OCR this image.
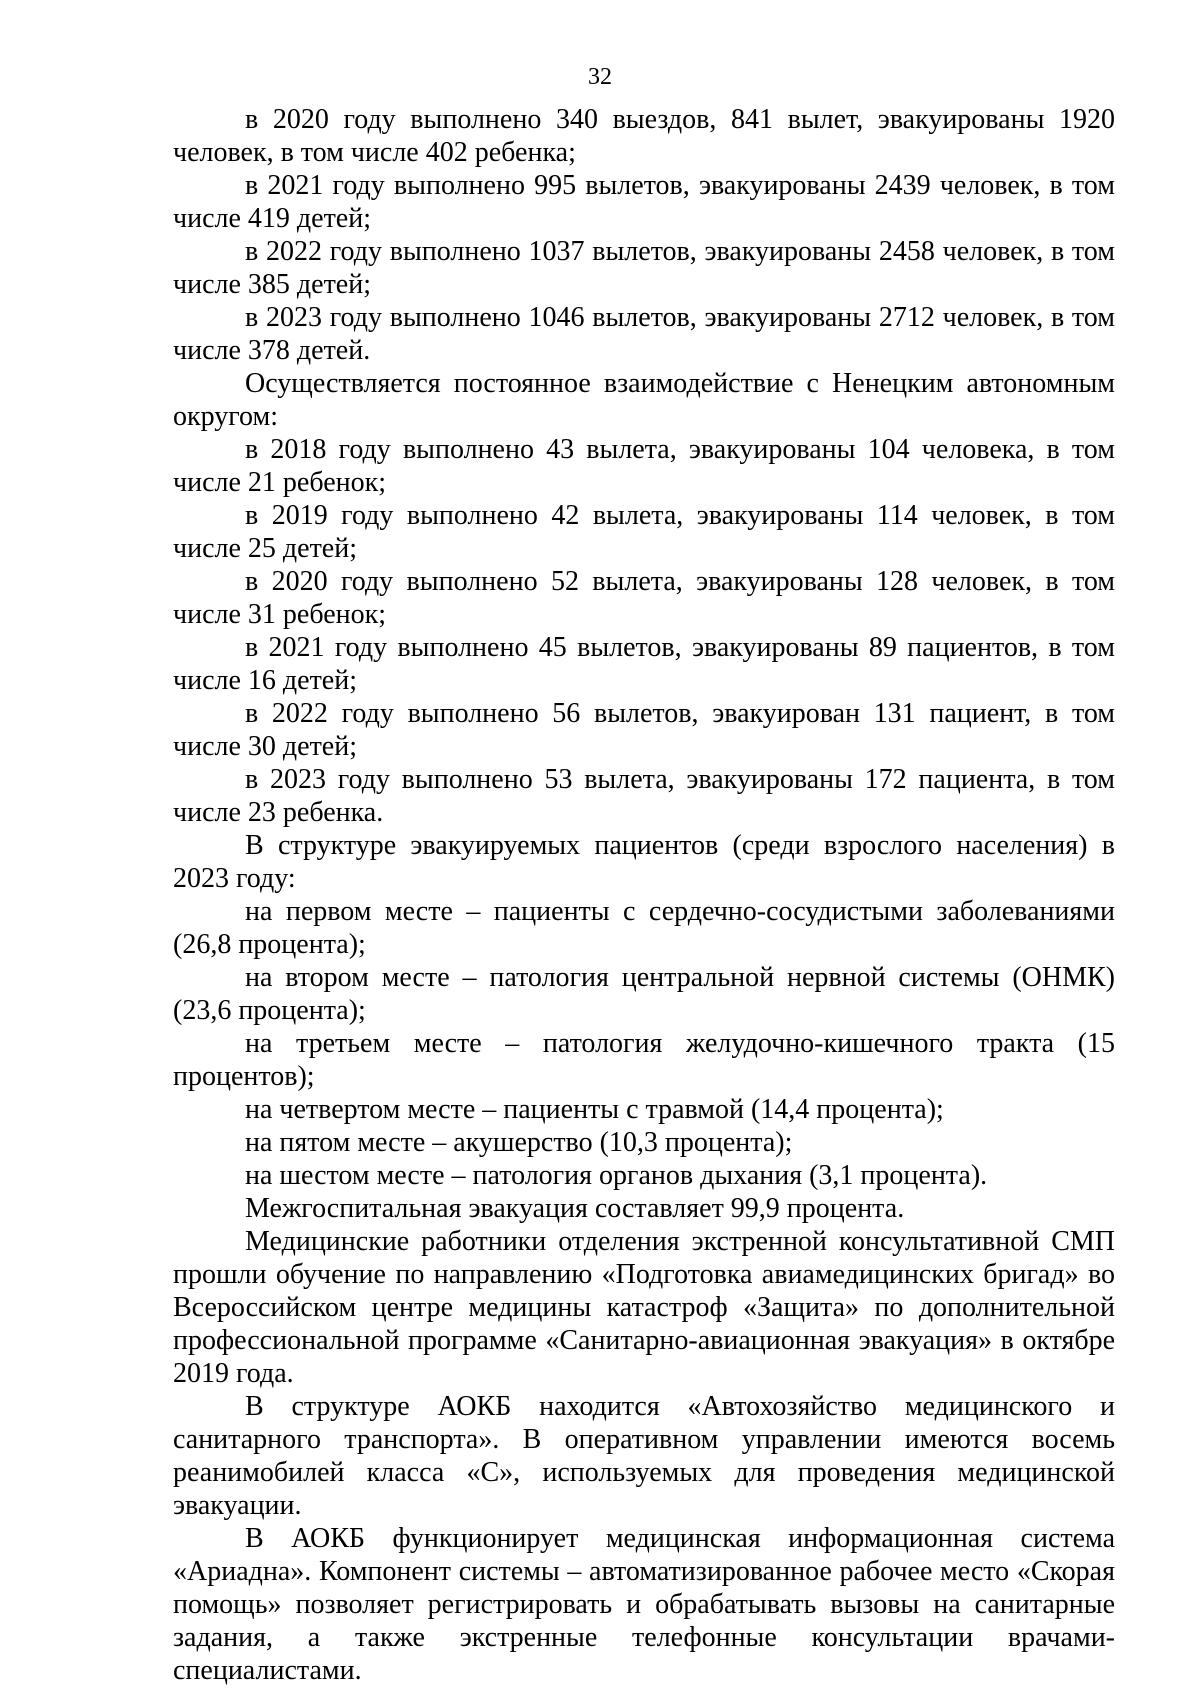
32

в 2020 году выполнено 340 выездов, 841 вылет, эвакуированы 1920 человек, в том числе 402 ребенка;

в 2021 году выполнено 995 вылетов, эвакуированы 2439 человек, в том числе 419 детей;

в 2022 году выполнено 1037 вылетов, эвакуированы 2458 человек, в том числе 385 детей;

в 2023 году выполнено 1046 вылетов, эвакуированы 2712 человек, в том числе 378 детей.

Осуществляется постоянное взаимодействие с Ненецким автономным округом:

в 2018 году выполнено 43 вылета, эвакуированы 104 человека, в том числе 21 ребенок;

в 2019 году выполнено 42 вылета, эвакуированы 114 человек, в том числе 25 детей;

в 2020 году выполнено 52 вылета, эвакуированы 128 человек, в том числе 31 ребенок;

в 2021 году выполнено 45 вылетов, эвакуированы 89 пациентов, в том числе 16 детей;

в 2022 году выполнено 56 вылетов, эвакуирован 131 пациент, в том числе 30 детей;

в 2023 году выполнено 53 вылета, эвакуированы 172 пациента, в том числе 23 ребенка.

В структуре эвакуируемых пациентов (среди взрослого населения) в 2023 году:

на первом месте – пациенты с сердечно-сосудистыми заболеваниями (26,8 процента);

на втором месте – патология центральной нервной системы (ОНМК) (23,6 процента);

на третьем месте – патология желудочно-кишечного тракта (15 процентов);

на четвертом месте – пациенты с травмой (14,4 процента);

на пятом месте – акушерство (10,3 процента);

на шестом месте – патология органов дыхания (3,1 процента).

Межгоспитальная эвакуация составляет 99,9 процента.

Медицинские работники отделения экстренной консультативной СМП прошли обучение по направлению «Подготовка авиамедицинских бригад» во Всероссийском центре медицины катастроф «Защита» по дополнительной профессиональной программе «Санитарно-авиационная эвакуация» в октябре 2019 года.

В структуре АОКБ находится «Автохозяйство медицинского и санитарного транспорта». В оперативном управлении имеются восемь реанимобилей класса «С», используемых для проведения медицинской эвакуации.

В АОКБ функционирует медицинская информационная система «Ариадна». Компонент системы – автоматизированное рабочее место «Скорая помощь» позволяет регистрировать и обрабатывать вызовы на санитарные задания, а также экстренные телефонные консультации врачами-специалистами.
